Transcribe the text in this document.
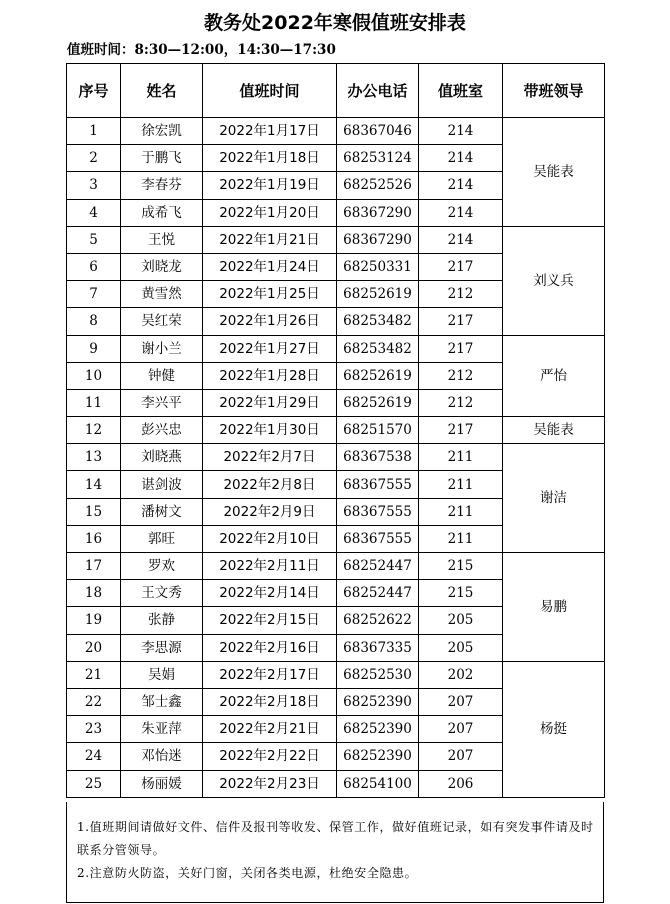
教务处2022年寒假值班安排表
值班时间：8:30—12:00，14:30—17:30
序号	姓名	值班时间	办公电话	值班室	带班领导
1	徐宏凯	2022年1月17日	68367046	214	吴能表
2	于鹏飞	2022年1月18日	68253124	214	
3	李春芬	2022年1月19日	68252526	214	
4	成希飞	2022年1月20日	68367290	214	
5	王悦	2022年1月21日	68367290	214	刘义兵
6	刘晓龙	2022年1月24日	68250331	217	
7	黄雪然	2022年1月25日	68252619	212	
8	吴红荣	2022年1月26日	68253482	217	
9	谢小兰	2022年1月27日	68253482	217	严怡
10	钟健	2022年1月28日	68252619	212	
11	李兴平	2022年1月29日	68252619	212	
12	彭兴忠	2022年1月30日	68251570	217	吴能表
13	刘晓燕	2022年2月7日	68367538	211	谢洁
14	谌剑波	2022年2月8日	68367555	211	
15	潘树文	2022年2月9日	68367555	211	
16	郭旺	2022年2月10日	68367555	211	
17	罗欢	2022年2月11日	68252447	215	易鹏
18	王文秀	2022年2月14日	68252447	215	
19	张静	2022年2月15日	68252622	205	
20	李思源	2022年2月16日	68367335	205	
21	吴娟	2022年2月17日	68252530	202	杨挺
22	邹士鑫	2022年2月18日	68252390	207	
23	朱亚萍	2022年2月21日	68252390	207	
24	邓怡迷	2022年2月22日	68252390	207	
25	杨丽媛	2022年2月23日	68254100	206	

1.值班期间请做好文件、信件及报刊等收发、保管工作，做好值班记录，如有突发事件请及时联系分管领导。

2.注意防火防盗，关好门窗，关闭各类电源，杜绝安全隐患。
